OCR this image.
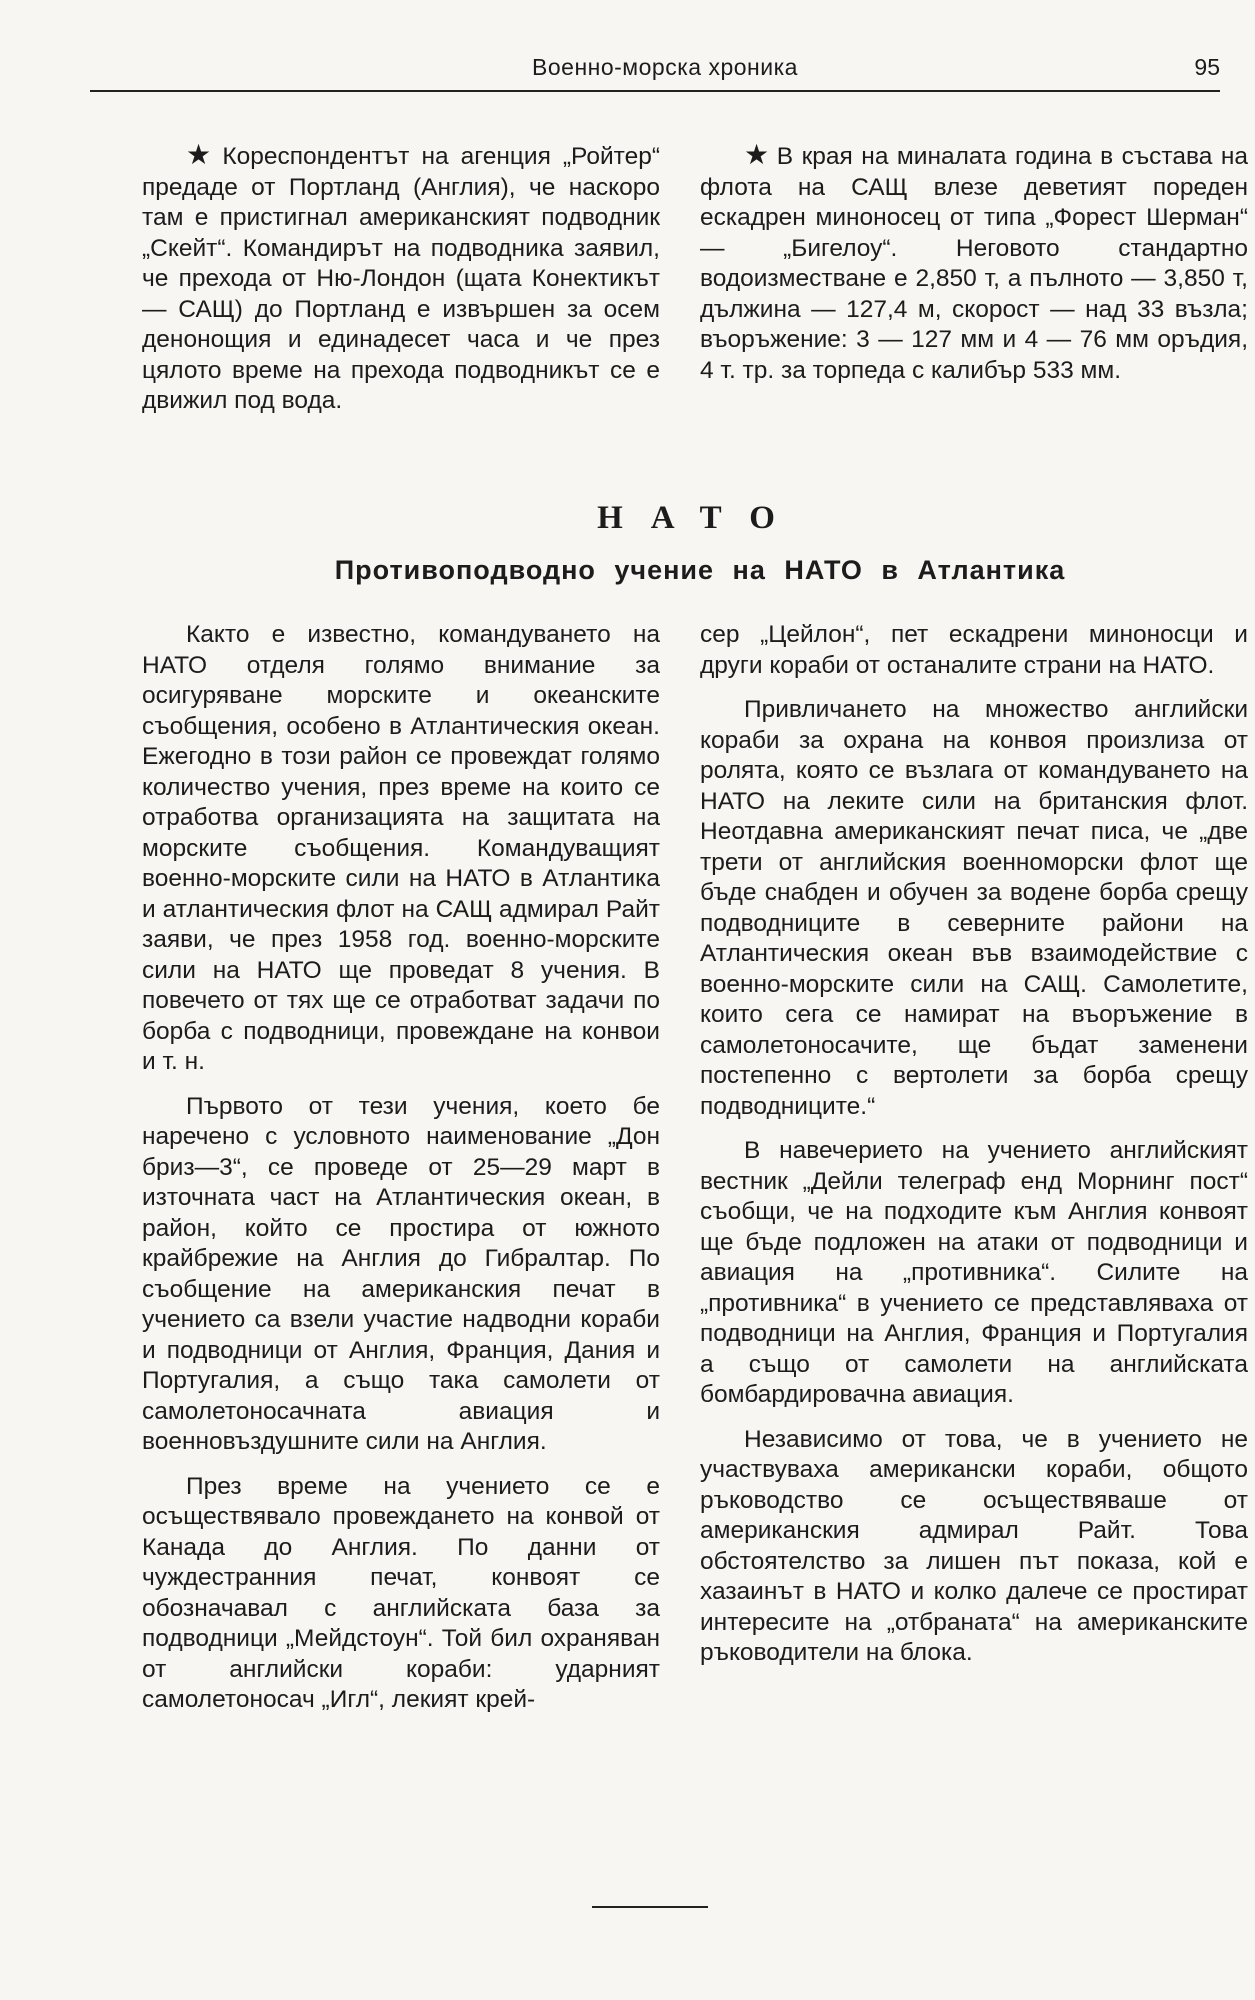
Военно-морска хроника	95

★ Кореспондентът на агенция „Ройтер“ предаде от Портланд (Англия), че наскоро там е пристигнал американският подводник „Скейт“. Командирът на подводника заявил, че прехода от Ню-Лондон (щата Конектикът— САЩ) до Портланд е извършен за осем денонощия и единадесет часа и че през цялото време на прехода подводникът се е движил под вода.

★ В края на миналата година в състава на флота на САЩ влезе деветият пореден ескадрен миноносец от типа „Форест Шерман“ — „Бигелоу“. Неговото стандартно водоизместване е 2,850 т, а пълното — 3,850 т, дължина — 127,4 м, скорост — над 33 възла; въоръжение: 3 — 127 мм и 4 — 76 мм оръдия, 4 т. тр. за торпеда с калибър 533 мм.

НАТО
Противоподводно учение на НАТО в Атлантика

Както е известно, командуването на НАТО отделя голямо внимание за осигуряване морските и океанските съобщения, особено в Атлантическия океан. Ежегодно в този район се провеждат голямо количество учения, през време на които се отработва организацията на защитата на морските съобщения. Командуващият военно-морските сили на НАТО в Атлантика и атлантическия флот на САЩ адмирал Райт заяви, че през 1958 год. военно-морските сили на НАТО ще проведат 8 учения. В повечето от тях ще се отработват задачи по борба с подводници, провеждане на конвои и т. н.

Първото от тези учения, което бе наречено с условното наименование „Дон бриз—3“, се проведе от 25—29 март в източната част на Атлантическия океан, в район, който се простира от южното крайбрежие на Англия до Гибралтар. По съобщение на американския печат в учението са взели участие надводни кораби и подводници от Англия, Франция, Дания и Португалия, а също така самолети от самолетоносачната авиация и военновъздушните сили на Англия.

През време на учението се е осъществявало провеждането на конвой от Канада до Англия. По данни от чуждестранния печат, конвоят се обозначавал с английската база за подводници „Мейдстоун“. Той бил охраняван от английски кораби: ударният самолетоносач „Игл“, лекият крей-

сер „Цейлон“, пет ескадрени миноносци и други кораби от останалите страни на НАТО.

Привличането на множество английски кораби за охрана на конвоя произлиза от ролята, която се възлага от командуването на НАТО на леките сили на британския флот. Неотдавна американският печат писа, че „две трети от английския военноморски флот ще бъде снабден и обучен за водене борба срещу подводниците в северните райони на Атлантическия океан във взаимодействие с военно-морските сили на САЩ. Самолетите, които сега се намират на въоръжение в самолетоносачите, ще бъдат заменени постепенно с вертолети за борба срещу подводниците.“

В навечерието на учението английският вестник „Дейли телеграф енд Морнинг пост“ съобщи, че на подходите към Англия конвоят ще бъде подложен на атаки от подводници и авиация на „противника“. Силите на „противника“ в учението се представляваха от подводници на Англия, Франция и Португалия а също от самолети на английската бомбардировачна авиация.

Независимо от това, че в учението не участвуваха американски кораби, общото ръководство се осъществяваше от американския адмирал Райт. Това обстоятелство за лишен път показа, кой е хазаинът в НАТО и колко далече се простират интересите на „отбраната“ на американските ръководители на блока.
